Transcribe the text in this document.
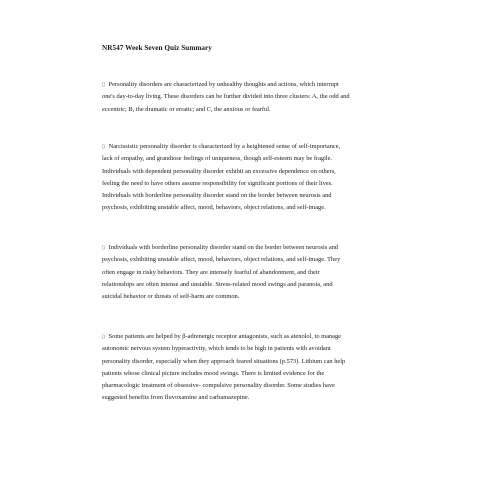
NR547 Week Seven Quiz Summary
▯ Personality disorders are characterized by unhealthy thoughts and actions, which interrupt
one's day-to-day living. These disorders can be further divided into three clusters: A, the odd and
eccentric; B, the dramatic or erratic; and C, the anxious or fearful.
▯ Narcissistic personality disorder is characterized by a heightened sense of self-importance,
lack of empathy, and grandiose feelings of uniqueness, though self-esteem may be fragile.
Individuals with dependent personality disorder exhibit an excessive dependence on others,
feeling the need to have others assume responsibility for significant portions of their lives.
Individuals with borderline personality disorder stand on the border between neurosis and
psychosis, exhibiting unstable affect, mood, behaviors, object relations, and self-image.
▯ Individuals with borderline personality disorder stand on the border between neurosis and
psychosis, exhibiting unstable affect, mood, behaviors, object relations, and self-image. They
often engage in risky behaviors. They are intensely fearful of abandonment, and their
relationships are often intense and unstable. Stress-related mood swings and paranoia, and
suicidal behavior or threats of self-harm are common.
▯ Some patients are helped by β-adrenergic receptor antagonists, such as atenolol, to manage
autonomic nervous system hyperactivity, which tends to be high in patients with avoidant
personality disorder, especially when they approach feared situations (p.573). Lithium can help
patients whose clinical picture includes mood swings. There is limited evidence for the
pharmacologic treatment of obsessive- compulsive personality disorder. Some studies have
suggested benefits from fluvoxamine and carbamazepine.
